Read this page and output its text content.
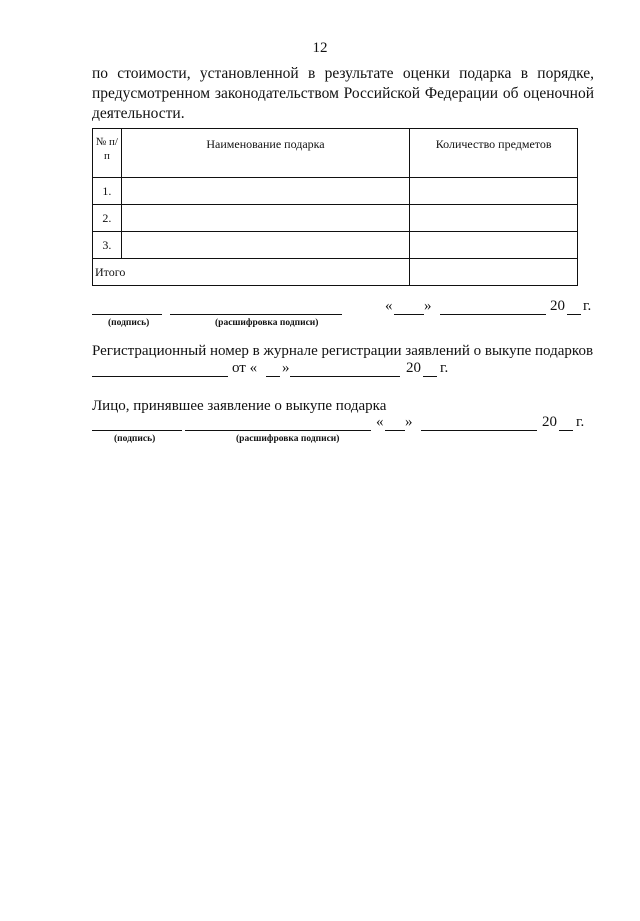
12
по стоимости, установленной в результате оценки подарка в порядке, предусмотренном законодательством Российской Федерации об оценочной деятельности.
№ п/п	Наименование подарка	Количество предметов
1.		
2.		
3.		
Итого		
« »	20 г.
(подпись)	(расшифровка подписи)
Регистрационный номер в журнале регистрации заявлений о выкупе подарков
от « »	20 г.
Лицо, принявшее заявление о выкупе подарка
« »	20 г.
(подпись)	(расшифровка подписи)
